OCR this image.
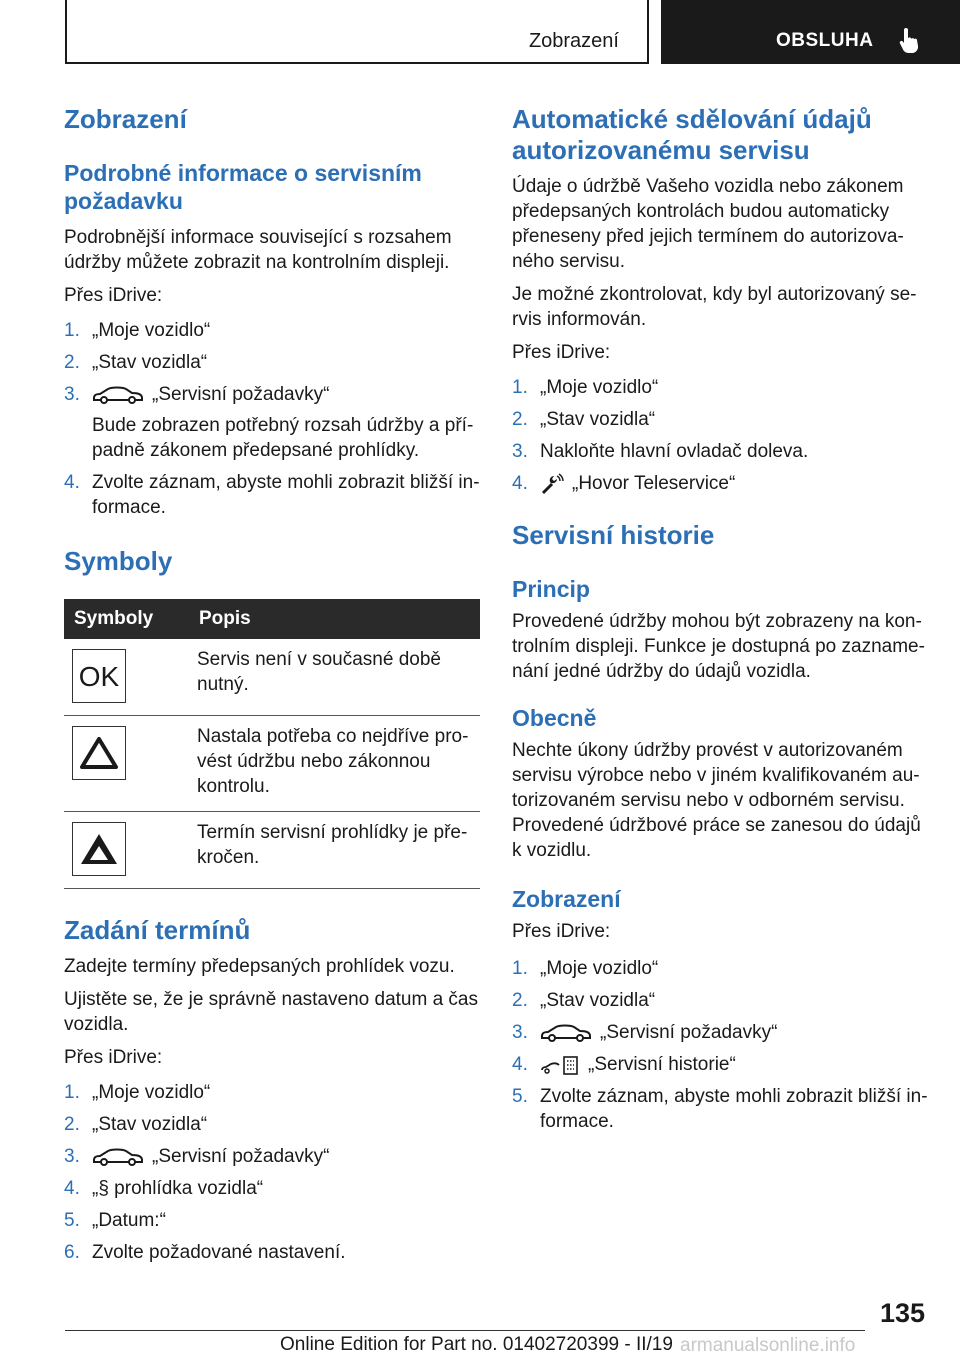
Zobrazení	OBSLUHA
Zobrazení
Podrobné informace o servisním požadavku

Podrobnější informace související s rozsahem údržby můžete zobrazit na kontrolním displeji.

Přes iDrive:

1. „Moje vozidlo“
2. „Stav vozidla“
3.	„Servisní požadavky“
Bude zobrazen potřebný rozsah údržby a případně zákonem předepsané prohlídky.
4. Zvolte záznam, abyste mohli zobrazit bližší informace.
Symboly
Symboly	Popis

OK	Servis není v současné době nutný.

	Nastala potřeba co nejdříve provést údržbu nebo zákonnou kontrolu.

	Termín servisní prohlídky je překročen.
Zadání termínů

Zadejte termíny předepsaných prohlídek vozu.

Ujistěte se, že je správně nastaveno datum a čas vozidla.

Přes iDrive:

1. „Moje vozidlo“
2. „Stav vozidla“
3.	„Servisní požadavky“
4. „§ prohlídka vozidla“
5. „Datum:“
6. Zvolte požadované nastavení.
Automatické sdělování údajů autorizovanému servisu

Údaje o údržbě Vašeho vozidla nebo zákonem předepsaných kontrolách budou automaticky přeneseny před jejich termínem do autorizovaného servisu.

Je možné zkontrolovat, kdy byl autorizovaný servis informován.

Přes iDrive:

1. „Moje vozidlo“
2. „Stav vozidla“
3. Nakloňte hlavní ovladač doleva.
4. „Hovor Teleservice“
Servisní historie
Princip

Provedené údržby mohou být zobrazeny na kontrolním displeji. Funkce je dostupná po zaznamenání jedné údržby do údajů vozidla.

Obecně

Nechte úkony údržby provést v autorizovaném servisu výrobce nebo v jiném kvalifikovaném autorizovaném servisu nebo v odborném servisu. Provedené údržbové práce se zanesou do údajů k vozidlu.

Zobrazení

Přes iDrive:

1. „Moje vozidlo“
2. „Stav vozidla“
3.	„Servisní požadavky“
4.	„Servisní historie“
5. Zvolte záznam, abyste mohli zobrazit bližší informace.
135
Online Edition for Part no. 01402720399 - II/19 armanualsonline.info
